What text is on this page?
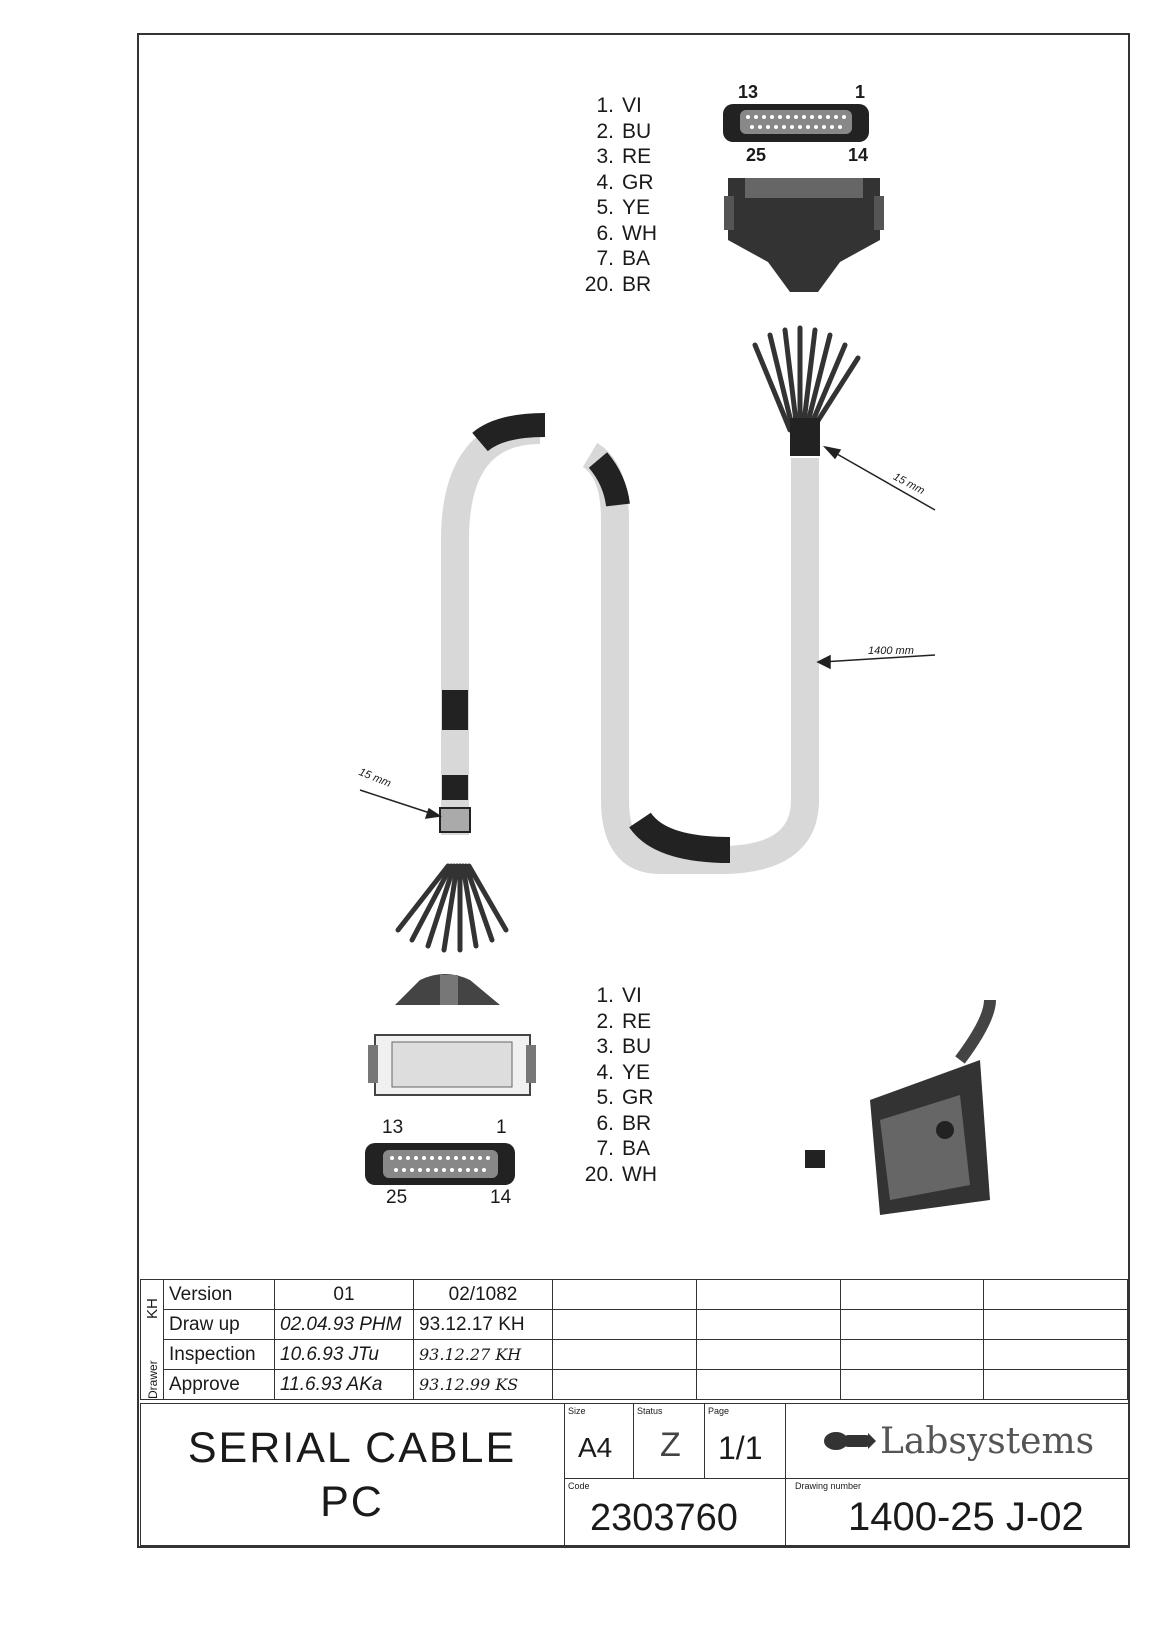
13	1
25	14
13	1
25	14
15 mm
1400 mm
15 mm
1. VI
2. BU
3. RE
4. GR
5. YE
6. WH
7. BA
20. BR
1. VI
2. RE
3. BU
4. YE
5. GR
6. BR
7. BA
20. WH
	Version	01	02/1082				
	Draw up	02.04.93 PHM	93.12.17 KH				
	Inspection	10.6.93 JTu	93.12.27 KH				
	Approve	11.6.93 AKa	93.12.99 KS				
KH
Drawer
SERIAL CABLE
PC
Size
A4
Status
Z
Page
1/1	Labsystems
Code
2303760
Drawing number
1400-25 J-02
